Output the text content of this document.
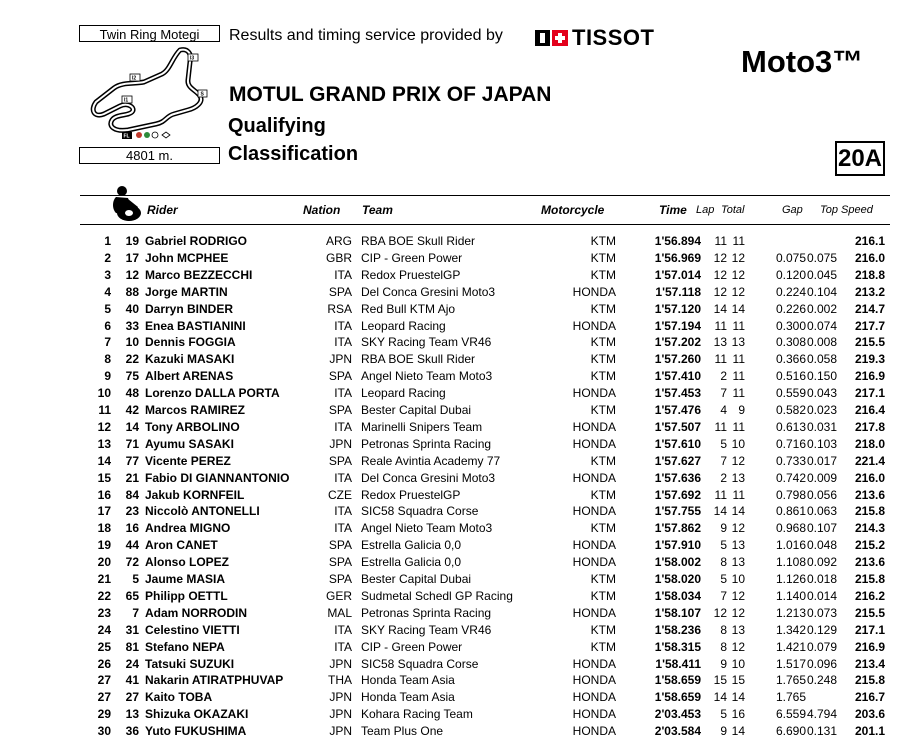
Twin Ring Motegi
I3
I2
I1
S
FL
4801 m.
Results and timing service provided by	TISSOT
Moto3™
MOTUL GRAND PRIX OF JAPAN
Qualifying
Classification	20A
Rider	Nation Team	Motorcycle	Time Lap Total	Gap Top Speed
1 19 Gabriel RODRIGO	ARG RBA BOE Skull Rider	KTM	1'56.894 11 11	216.1
2 17 John MCPHEE	GBR CIP - Green Power	KTM	1'56.969 12 12	0.075 0.075 216.0
3 12 Marco BEZZECCHI	ITA Redox PruestelGP	KTM	1'57.014 12 12	0.120 0.045 218.8
4 88 Jorge MARTIN	SPA Del Conca Gresini Moto3	HONDA	1'57.118 12 12	0.224 0.104 213.2
5 40 Darryn BINDER	RSA Red Bull KTM Ajo	KTM	1'57.120 14 14	0.226 0.002 214.7
6 33 Enea BASTIANINI	ITA Leopard Racing	HONDA	1'57.194 11 11	0.300 0.074 217.7
7 10 Dennis FOGGIA	ITA SKY Racing Team VR46	KTM	1'57.202 13 13	0.308 0.008 215.5
8 22 Kazuki MASAKI	JPN RBA BOE Skull Rider	KTM	1'57.260 11 11	0.366 0.058 219.3
9 75 Albert ARENAS	SPA Angel Nieto Team Moto3	KTM	1'57.410 2 11	0.516 0.150 216.9
10 48 Lorenzo DALLA PORTA	ITA Leopard Racing	HONDA	1'57.453 7 11	0.559 0.043 217.1
11 42 Marcos RAMIREZ	SPA Bester Capital Dubai	KTM	1'57.476 4 9	0.582 0.023 216.4
12 14 Tony ARBOLINO	ITA Marinelli Snipers Team	HONDA	1'57.507 11 11	0.613 0.031 217.8
13 71 Ayumu SASAKI	JPN Petronas Sprinta Racing	HONDA	1'57.610 5 10	0.716 0.103 218.0
14 77 Vicente PEREZ	SPA Reale Avintia Academy 77	KTM	1'57.627 7 12	0.733 0.017 221.4
15 21 Fabio DI GIANNANTONIO	ITA Del Conca Gresini Moto3	HONDA	1'57.636 2 13	0.742 0.009 216.0
16 84 Jakub KORNFEIL	CZE Redox PruestelGP	KTM	1'57.692 11 11	0.798 0.056 213.6
17 23 Niccolò ANTONELLI	ITA SIC58 Squadra Corse	HONDA	1'57.755 14 14	0.861 0.063 215.8
18 16 Andrea MIGNO	ITA Angel Nieto Team Moto3	KTM	1'57.862 9 12	0.968 0.107 214.3
19 44 Aron CANET	SPA Estrella Galicia 0,0	HONDA	1'57.910 5 13	1.016 0.048 215.2
20 72 Alonso LOPEZ	SPA Estrella Galicia 0,0	HONDA	1'58.002 8 13	1.108 0.092 213.6
21 5 Jaume MASIA	SPA Bester Capital Dubai	KTM	1'58.020 5 10	1.126 0.018 215.8
22 65 Philipp OETTL	GER Sudmetal Schedl GP Racing	KTM	1'58.034 7 12	1.140 0.014 216.2
23 7 Adam NORRODIN	MAL Petronas Sprinta Racing	HONDA	1'58.107 12 12	1.213 0.073 215.5
24 31 Celestino VIETTI	ITA SKY Racing Team VR46	KTM	1'58.236 8 13	1.342 0.129 217.1
25 81 Stefano NEPA	ITA CIP - Green Power	KTM	1'58.315 8 12	1.421 0.079 216.9
26 24 Tatsuki SUZUKI	JPN SIC58 Squadra Corse	HONDA	1'58.411 9 10	1.517 0.096 213.4
27 41 Nakarin ATIRATPHUVAP	THA Honda Team Asia	HONDA	1'58.659 15 15	1.765 0.248 215.8
27 27 Kaito TOBA	JPN Honda Team Asia	HONDA	1'58.659 14 14	1.765	216.7
29 13 Shizuka OKAZAKI	JPN Kohara Racing Team	HONDA	2'03.453 5 16	6.559 4.794 203.6
30 36 Yuto FUKUSHIMA	JPN Team Plus One	HONDA	2'03.584 9 14	6.690 0.131 201.1
